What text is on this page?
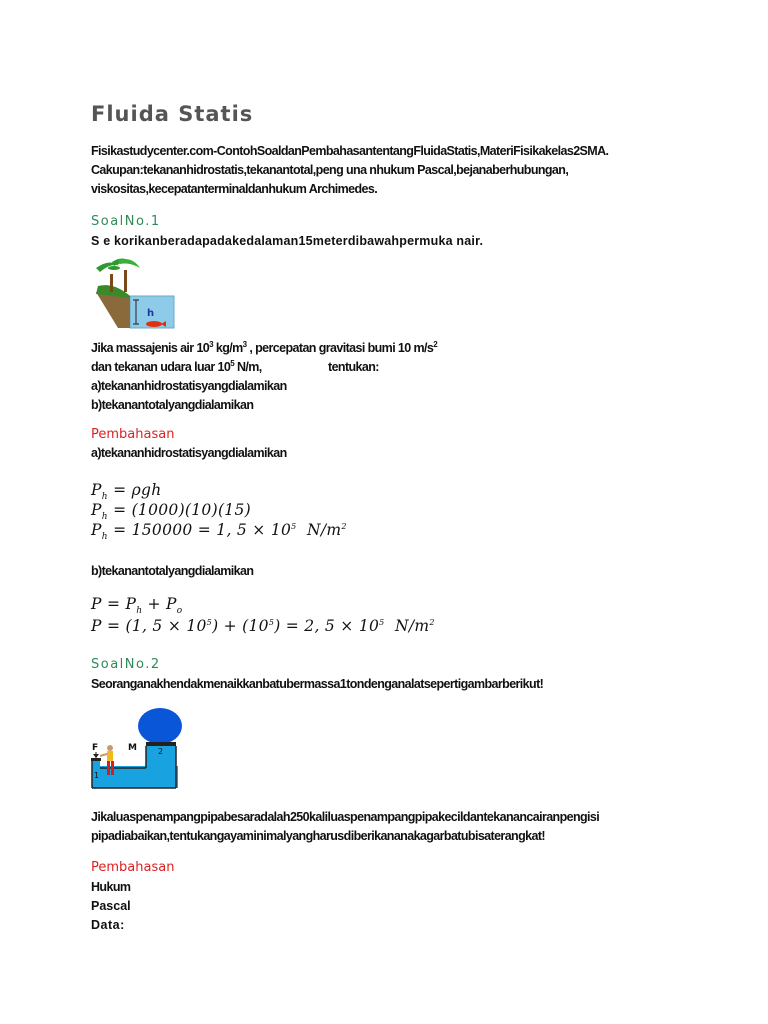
Fluida Statis
Fisikastudycenter.com-ContohSoaldanPembahasantentangFluidaStatis,MateriFisikakelas2SMA.
Cakupan:tekananhidrostatis,tekanantotal,peng una nhukum Pascal,bejanaberhubungan,
viskositas,kecepatanterminaldanhukum Archimedes.
SoalNo.1
S e korikanberadapadakedalaman15meterdibawahpermuka nair.
h
Jika massajenis air $10^3$ $kg/m^3$ , percepatan gravitasi bumi 10 $m/s^2$
dan tekanan udara luar $10^5$ N/m,	tentukan:
a)tekananhidrostatisyangdialamikan
b)tekanantotalyangdialamikan
Pembahasan
a)tekananhidrostatisyangdialamikan
$P_h = \rho gh$
$P_h = (1000)(10)(15)$
$P_h = 150000 = 1$, $5 \times 10^5$  $N/m^2$
b)tekanantotalyangdialamikan
$P = P_h + P_o$
P = (1, $5 \times 10^5) + (10^5) = 2$, $5 \times 10^5$  $N/m^2$
SoalNo.2
Seoranganakhendakmenaikkanbatubermassa1tondenganalatsepertigambarberikut!
F	M
1
2
Jikaluaspenampangpipabesaradalah250kaliluaspenampangpipakecildantekanancairanpengisi
pipadiabaikan,tentukangayaminimalyangharusdiberikananakagarbatubisaterangkat!
Pembahasan
Hukum
Pascal
Data:
